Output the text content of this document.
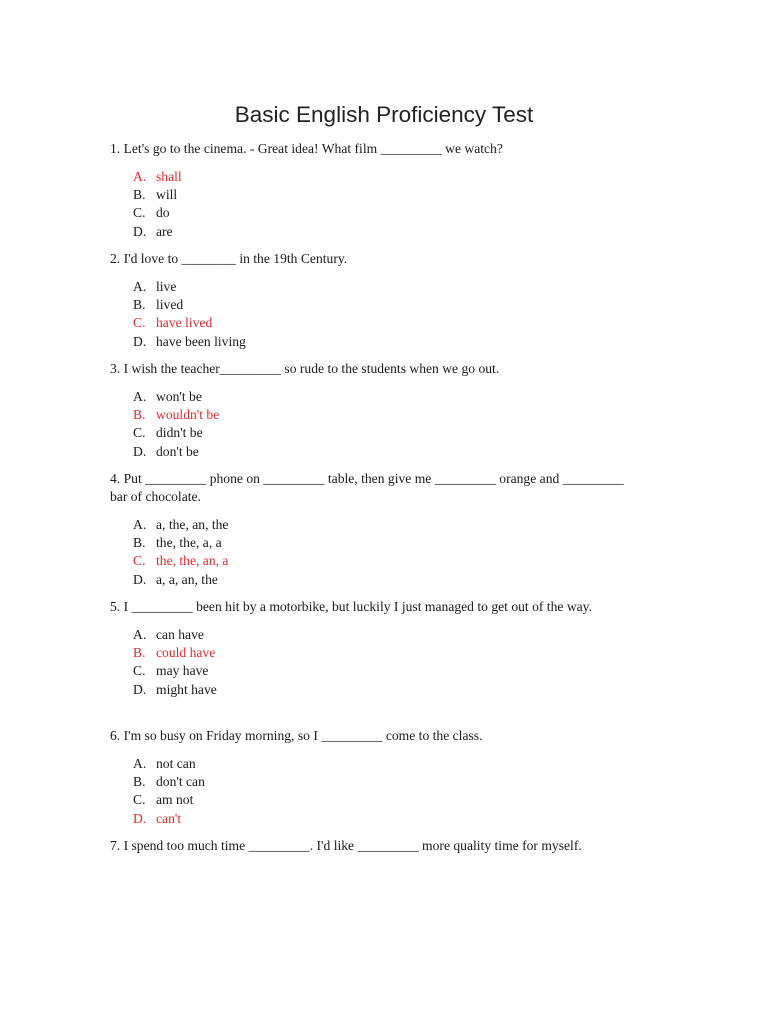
Basic English Proficiency Test

1. Let's go to the cinema. - Great idea! What film _________ we watch?

A. shall
B. will
C. do
D. are

2. I'd love to ________ in the 19th Century.

A. live
B. lived
C. have lived
D. have been living

3. I wish the teacher_________ so rude to the students when we go out.

A. won't be
B. wouldn't be
C. didn't be
D. don't be

4. Put _________ phone on _________ table, then give me _________ orange and _________ bar of chocolate.

A. a, the, an, the
B. the, the, a, a
C. the, the, an, a
D. a, a, an, the

5. I _________ been hit by a motorbike, but luckily I just managed to get out of the way.

A. can have
B. could have
C. may have
D. might have

6. I'm so busy on Friday morning, so I _________ come to the class.

A. not can
B. don't can
C. am not
D. can't

7. I spend too much time _________. I'd like _________ more quality time for myself.
